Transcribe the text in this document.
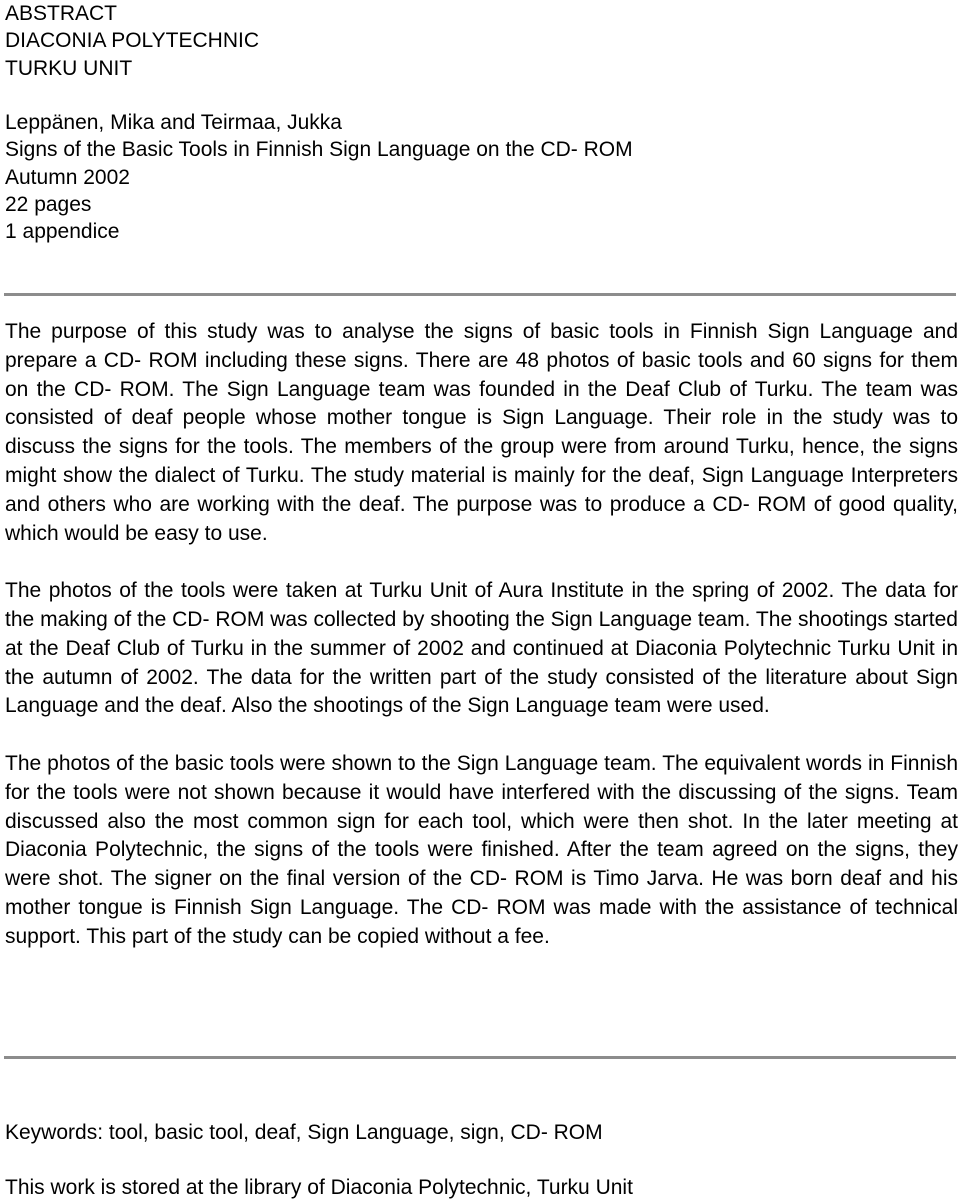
ABSTRACT
DIACONIA POLYTECHNIC
TURKU UNIT
Leppänen, Mika and Teirmaa, Jukka
Signs of the Basic Tools in Finnish Sign Language on the CD- ROM
Autumn 2002
22 pages
1 appendice

The purpose of this study was to analyse the signs of basic tools in Finnish Sign Language and prepare a CD- ROM including these signs. There are 48 photos of basic tools and 60 signs for them on the CD- ROM. The Sign Language team was founded in the Deaf Club of Turku. The team was consisted of deaf people whose mother tongue is Sign Language. Their role in the study was to discuss the signs for the tools. The members of the group were from around Turku, hence, the signs might show the dialect of Turku. The study material is mainly for the deaf, Sign Language Interpreters and others who are working with the deaf. The purpose was to produce a CD- ROM of good quality, which would be easy to use.

The photos of the tools were taken at Turku Unit of Aura Institute in the spring of 2002. The data for the making of the CD- ROM was collected by shooting the Sign Language team. The shootings started at the Deaf Club of Turku in the summer of 2002 and continued at Diaconia Polytechnic Turku Unit in the autumn of 2002. The data for the written part of the study consisted of the literature about Sign Language and the deaf. Also the shootings of the Sign Language team were used.

The photos of the basic tools were shown to the Sign Language team. The equivalent words in Finnish for the tools were not shown because it would have interfered with the discussing of the signs. Team discussed also the most common sign for each tool, which were then shot. In the later meeting at Diaconia Polytechnic, the signs of the tools were finished. After the team agreed on the signs, they were shot. The signer on the final version of the CD- ROM is Timo Jarva. He was born deaf and his mother tongue is Finnish Sign Language. The CD- ROM was made with the assistance of technical support. This part of the study can be copied without a fee.

Keywords: tool, basic tool, deaf, Sign Language, sign, CD- ROM
This work is stored at the library of Diaconia Polytechnic, Turku Unit
